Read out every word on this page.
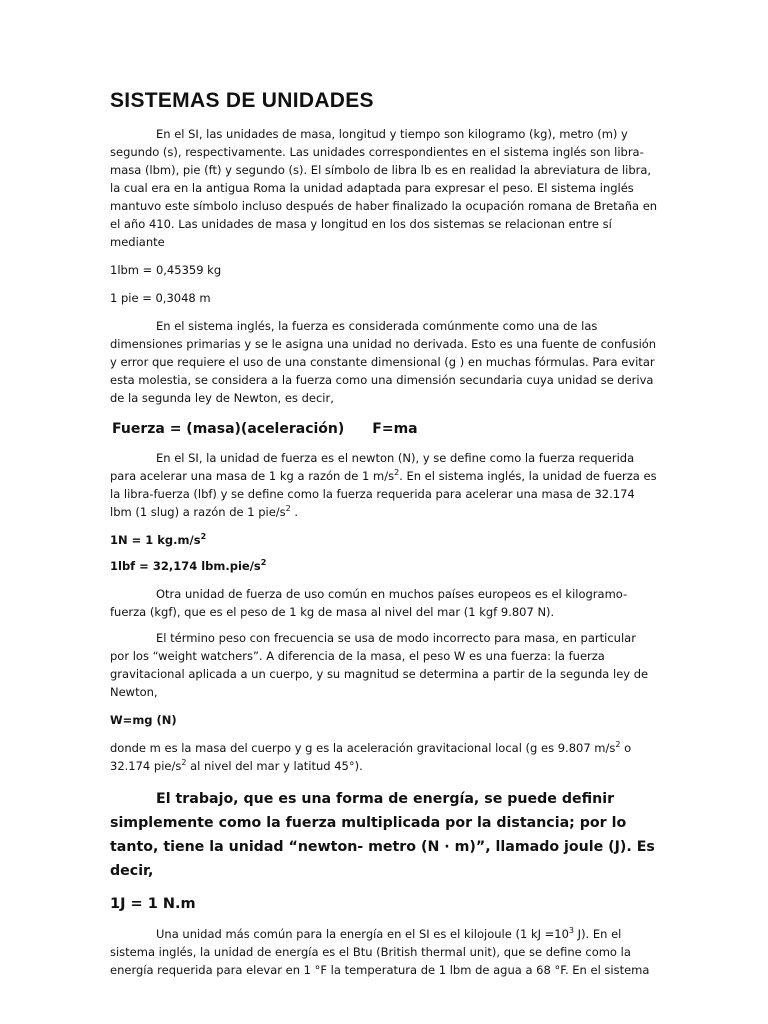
SISTEMAS DE UNIDADES

En el SI, las unidades de masa, longitud y tiempo son kilogramo (kg), metro (m) y segundo (s), respectivamente. Las unidades correspondientes en el sistema inglés son libra-masa (lbm), pie (ft) y segundo (s). El símbolo de libra lb es en realidad la abreviatura de libra, la cual era en la antigua Roma la unidad adaptada para expresar el peso. El sistema inglés mantuvo este símbolo incluso después de haber finalizado la ocupación romana de Bretaña en el año 410. Las unidades de masa y longitud en los dos sistemas se relacionan entre sí mediante

1lbm = 0,45359 kg

1 pie = 0,3048 m

En el sistema inglés, la fuerza es considerada comúnmente como una de las dimensiones primarias y se le asigna una unidad no derivada. Esto es una fuente de confusión y error que requiere el uso de una constante dimensional (g ) en muchas fórmulas. Para evitar esta molestia, se considera a la fuerza como una dimensión secundaria cuya unidad se deriva de la segunda ley de Newton, es decir,

Fuerza = (masa)(aceleración) F=ma

En el SI, la unidad de fuerza es el newton (N), y se define como la fuerza requerida para acelerar una masa de 1 kg a razón de 1 $m/s^2$. En el sistema inglés, la unidad de fuerza es la libra-fuerza (lbf) y se define como la fuerza requerida para acelerar una masa de 32.174 lbm (1 slug) a razón de 1 pie/$s^2$ .

1N = 1 $kg.m/s^2$

1lbf = 32,174 $lbm.pie/s^2$

Otra unidad de fuerza de uso común en muchos países europeos es el kilogramo-fuerza (kgf), que es el peso de 1 kg de masa al nivel del mar (1 kgf 9.807 N).

El término peso con frecuencia se usa de modo incorrecto para masa, en particular por los “weight watchers”. A diferencia de la masa, el peso W es una fuerza: la fuerza gravitacional aplicada a un cuerpo, y su magnitud se determina a partir de la segunda ley de Newton,

W=mg (N)

donde m es la masa del cuerpo y g es la aceleración gravitacional local (g es 9.807 $m/s^2$ o 32.174 pie/$s^2$ al nivel del mar y latitud 45°).

El trabajo, que es una forma de energía, se puede definir simplemente como la fuerza multiplicada por la distancia; por lo tanto, tiene la unidad “newton- metro (N · m)”, llamado joule (J). Es decir,

1J = 1 N.m

Una unidad más común para la energía en el SI es el kilojoule (1 kJ $=10^3$ J). En el sistema inglés, la unidad de energía es el Btu (British thermal unit), que se define como la energía requerida para elevar en 1 °F la temperatura de 1 lbm de agua a 68 °F. En el sistema
